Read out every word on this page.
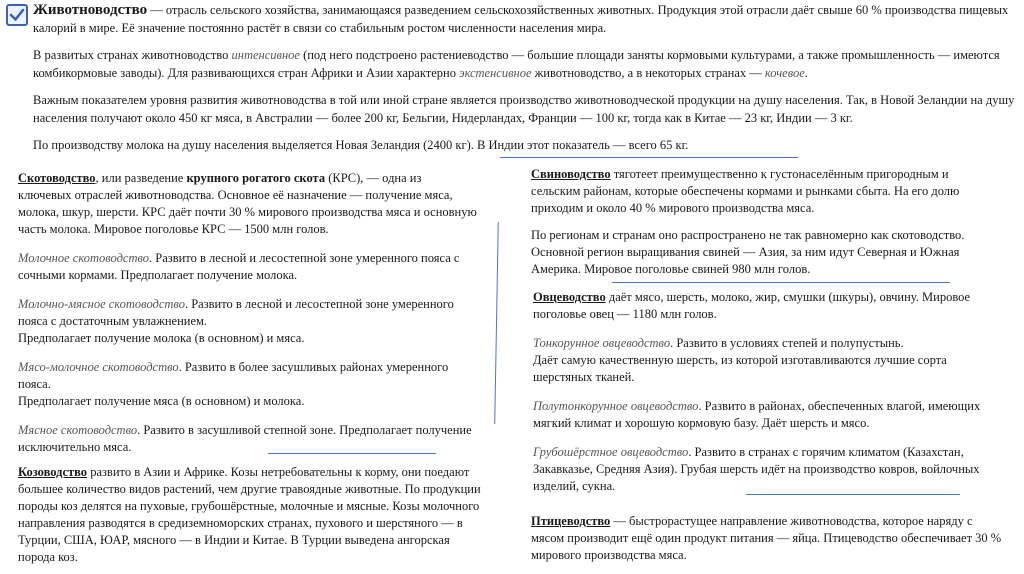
Животноводство — отрасль сельского хозяйства, занимающаяся разведением сельскохозяйственных животных. Продукция этой отрасли даёт свыше 60 % производства пищевых калорий в мире. Её значение постоянно растёт в связи со стабильным ростом численности населения мира.

В развитых странах животноводство интенсивное (под него подстроено растениеводство — большие площади заняты кормовыми культурами, а также промышленность — имеются комбикормовые заводы). Для развивающихся стран Африки и Азии характерно экстенсивное животноводство, а в некоторых странах — кочевое.

Важным показателем уровня развития животноводства в той или иной стране является производство животноводческой продукции на душу населения. Так, в Новой Зеландии на душу населения получают около 450 кг мяса, в Австралии — более 200 кг, Бельгии, Нидерландах, Франции — 100 кг, тогда как в Китае — 23 кг, Индии — 3 кг.

По производству молока на душу населения выделяется Новая Зеландия (2400 кг). В Индии этот показатель — всего 65 кг.

Скотоводство, или разведение крупного рогатого скота (КРС), — одна из ключевых отраслей животноводства. Основное её назначение — получение мяса, молока, шкур, шерсти. КРС даёт почти 30 % мирового производства мяса и основную часть молока. Мировое поголовье КРС — 1500 млн голов.

Молочное скотоводство. Развито в лесной и лесостепной зоне умеренного пояса с сочными кормами. Предполагает получение молока.

Молочно-мясное скотоводство. Развито в лесной и лесостепной зоне умеренного пояса с достаточным увлажнением.

Предполагает получение молока (в основном) и мяса.

Мясо-молочное скотоводство. Развито в более засушливых районах умеренного пояса.

Предполагает получение мяса (в основном) и молока.

Мясное скотоводство. Развито в засушливой степной зоне. Предполагает получение исключительно мяса.

Козоводство развито в Азии и Африке. Козы нетребовательны к корму, они поедают большее количество видов растений, чем другие травоядные животные. По продукции породы коз делятся на пуховые, грубошёрстные, молочные и мясные. Козы молочного направления разводятся в средиземноморских странах, пухового и шерстяного — в Турции, США, ЮАР, мясного — в Индии и Китае. В Турции выведена ангорская порода коз.

Свиноводство тяготеет преимущественно к густонаселённым пригородным и сельским районам, которые обеспечены кормами и рынками сбыта. На его долю приходим и около 40 % мирового производства мяса.

По регионам и странам оно распространено не так равномерно как скотоводство. Основной регион выращивания свиней — Азия, за ним идут Северная и Южная Америка. Мировое поголовье свиней 980 млн голов.

Овцеводство даёт мясо, шерсть, молоко, жир, смушки (шкуры), овчину. Мировое поголовье овец — 1180 млн голов.

Тонкорунное овцеводство. Развито в условиях степей и полупустынь.

Даёт самую качественную шерсть, из которой изготавливаются лучшие сорта шерстяных тканей.

Полутонкорунное овцеводство. Развито в районах, обеспеченных влагой, имеющих мягкий климат и хорошую кормовую базу. Даёт шерсть и мясо.

Грубошёрстное овцеводство. Развито в странах с горячим климатом (Казахстан, Закавказье, Средняя Азия). Грубая шерсть идёт на производство ковров, войлочных изделий, сукна.

Птицеводство — быстрорастущее направление животноводства, которое наряду с мясом производит ещё один продукт питания — яйца. Птицеводство обеспечивает 30 % мирового производства мяса.
